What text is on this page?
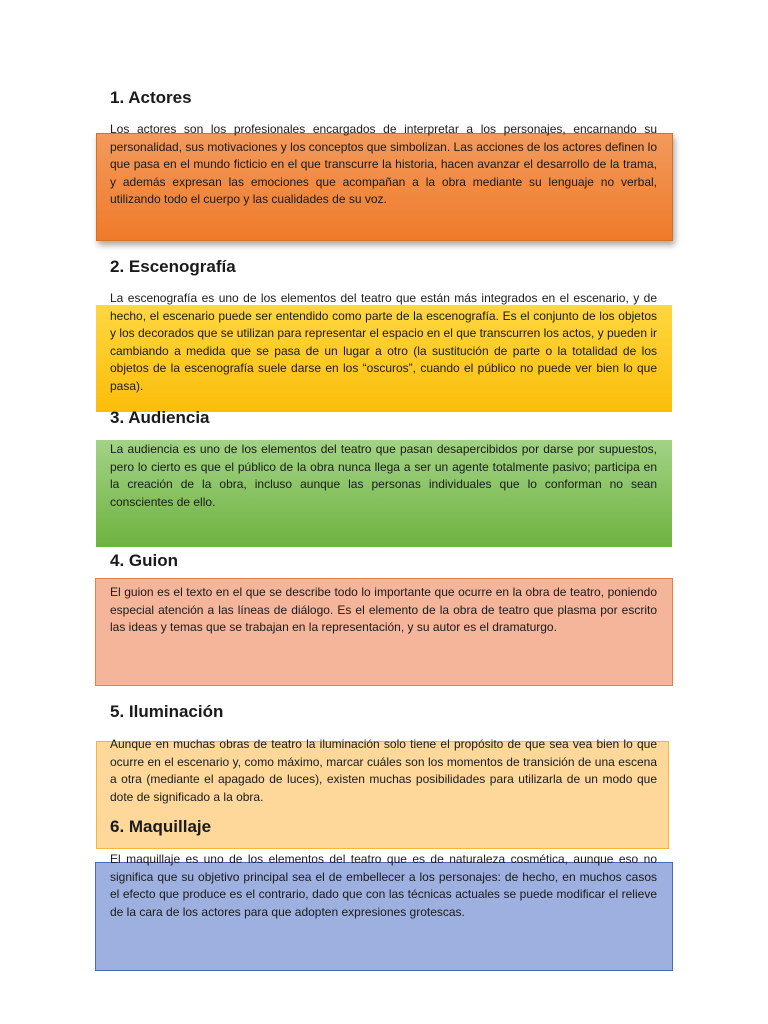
1. Actores

Los actores son los profesionales encargados de interpretar a los personajes, encarnando su personalidad, sus motivaciones y los conceptos que simbolizan. Las acciones de los actores definen lo que pasa en el mundo ficticio en el que transcurre la historia, hacen avanzar el desarrollo de la trama, y además expresan las emociones que acompañan a la obra mediante su lenguaje no verbal, utilizando todo el cuerpo y las cualidades de su voz.

2. Escenografía

La escenografía es uno de los elementos del teatro que están más integrados en el escenario, y de hecho, el escenario puede ser entendido como parte de la escenografía. Es el conjunto de los objetos y los decorados que se utilizan para representar el espacio en el que transcurren los actos, y pueden ir cambiando a medida que se pasa de un lugar a otro (la sustitución de parte o la totalidad de los objetos de la escenografía suele darse en los “oscuros”, cuando el público no puede ver bien lo que pasa).

3. Audiencia

La audiencia es uno de los elementos del teatro que pasan desapercibidos por darse por supuestos, pero lo cierto es que el público de la obra nunca llega a ser un agente totalmente pasivo; participa en la creación de la obra, incluso aunque las personas individuales que lo conforman no sean conscientes de ello.

4. Guion

El guion es el texto en el que se describe todo lo importante que ocurre en la obra de teatro, poniendo especial atención a las líneas de diálogo. Es el elemento de la obra de teatro que plasma por escrito las ideas y temas que se trabajan en la representación, y su autor es el dramaturgo.

5. Iluminación

Aunque en muchas obras de teatro la iluminación solo tiene el propósito de que sea vea bien lo que ocurre en el escenario y, como máximo, marcar cuáles son los momentos de transición de una escena a otra (mediante el apagado de luces), existen muchas posibilidades para utilizarla de un modo que dote de significado a la obra.

6. Maquillaje

El maquillaje es uno de los elementos del teatro que es de naturaleza cosmética, aunque eso no significa que su objetivo principal sea el de embellecer a los personajes: de hecho, en muchos casos el efecto que produce es el contrario, dado que con las técnicas actuales se puede modificar el relieve de la cara de los actores para que adopten expresiones grotescas.
